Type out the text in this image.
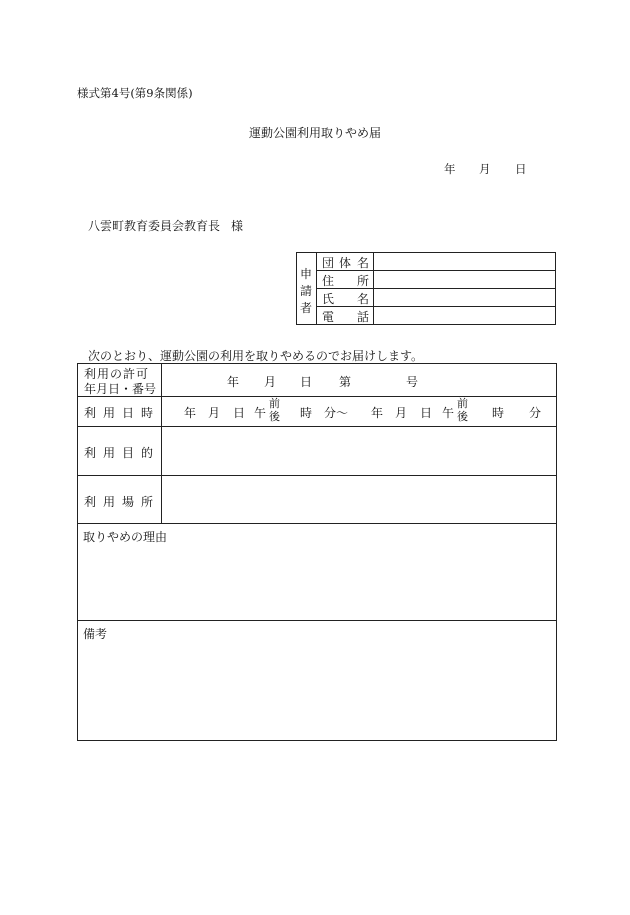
様式第4号(第9条関係)
運動公園利用取りやめ届
年 月 日
八雲町教育委員会教育長 様
申
請
者
団 体 名
住 所
氏 名
電 話
次のとおり、運動公園の利用を取りやめるのでお届けします。
利用の許可
年月日・番号	年 月 日 第	号
利用日時 年 月 日 午
前
後 時 分〜 年 月 日 午
前
後 時 分
利用目的
利用場所
取りやめの理由
備考
